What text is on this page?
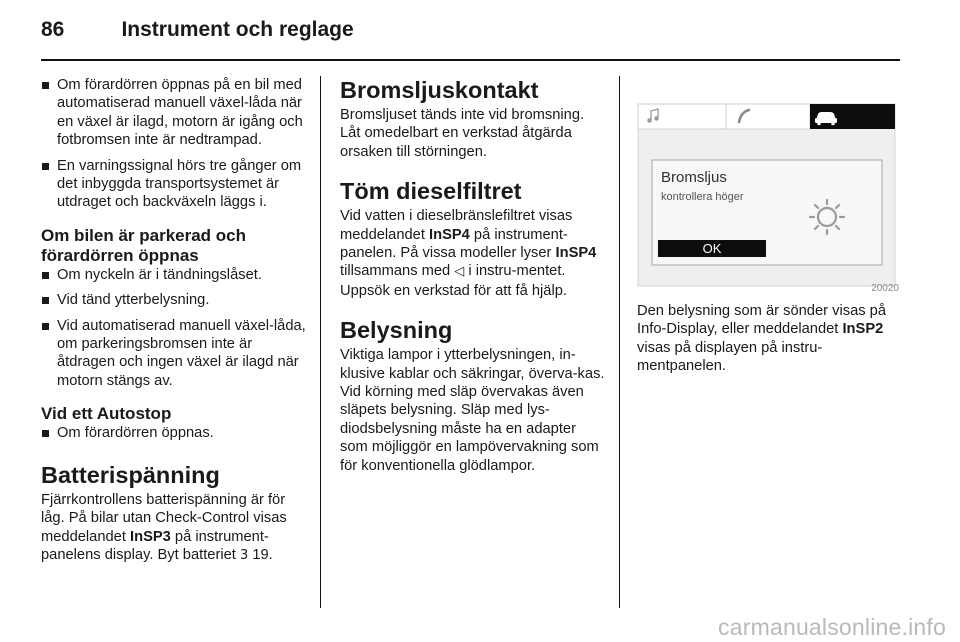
86	Instrument och reglage
Om förardörren öppnas på en bil med automatiserad manuell växel-låda när en växel är ilagd, motorn är igång och fotbromsen inte är nedtrampad.
En varningssignal hörs tre gånger om det inbyggda transportsystemet är utdraget och backväxeln läggs i.
Om bilen är parkerad och förardörren öppnas
Om nyckeln är i tändningslåset.
Vid tänd ytterbelysning.
Vid automatiserad manuell växel-låda, om parkeringsbromsen inte är åtdragen och ingen växel är ilagd när motorn stängs av.
Vid ett Autostop
Om förardörren öppnas.
Batterispänning

Fjärrkontrollens batterispänning är för låg. På bilar utan Check-Control visas meddelandet InSP3 på instrument-panelens display. Byt batteriet 3 19.

Bromsljuskontakt

Bromsljuset tänds inte vid bromsning. Låt omedelbart en verkstad åtgärda orsaken till störningen.

Töm dieselfiltret

Vid vatten i dieselbränslefiltret visas meddelandet InSP4 på instrument-panelen. På vissa modeller lyser InSP4 tillsammans med ◁ i instru-mentet. Uppsök en verkstad för att få hjälp.

Belysning

Viktiga lampor i ytterbelysningen, in-klusive kablar och säkringar, överva-kas. Vid körning med släp övervakas även släpets belysning. Släp med lys-diodsbelysning måste ha en adapter som möjliggör en lampövervakning som för konventionella glödlampor.

Bromsljus
kontrollera höger
OK
20020

Den belysning som är sönder visas på Info-Display, eller meddelandet InSP2 visas på displayen på instru-mentpanelen.

carmanualsonline.info
